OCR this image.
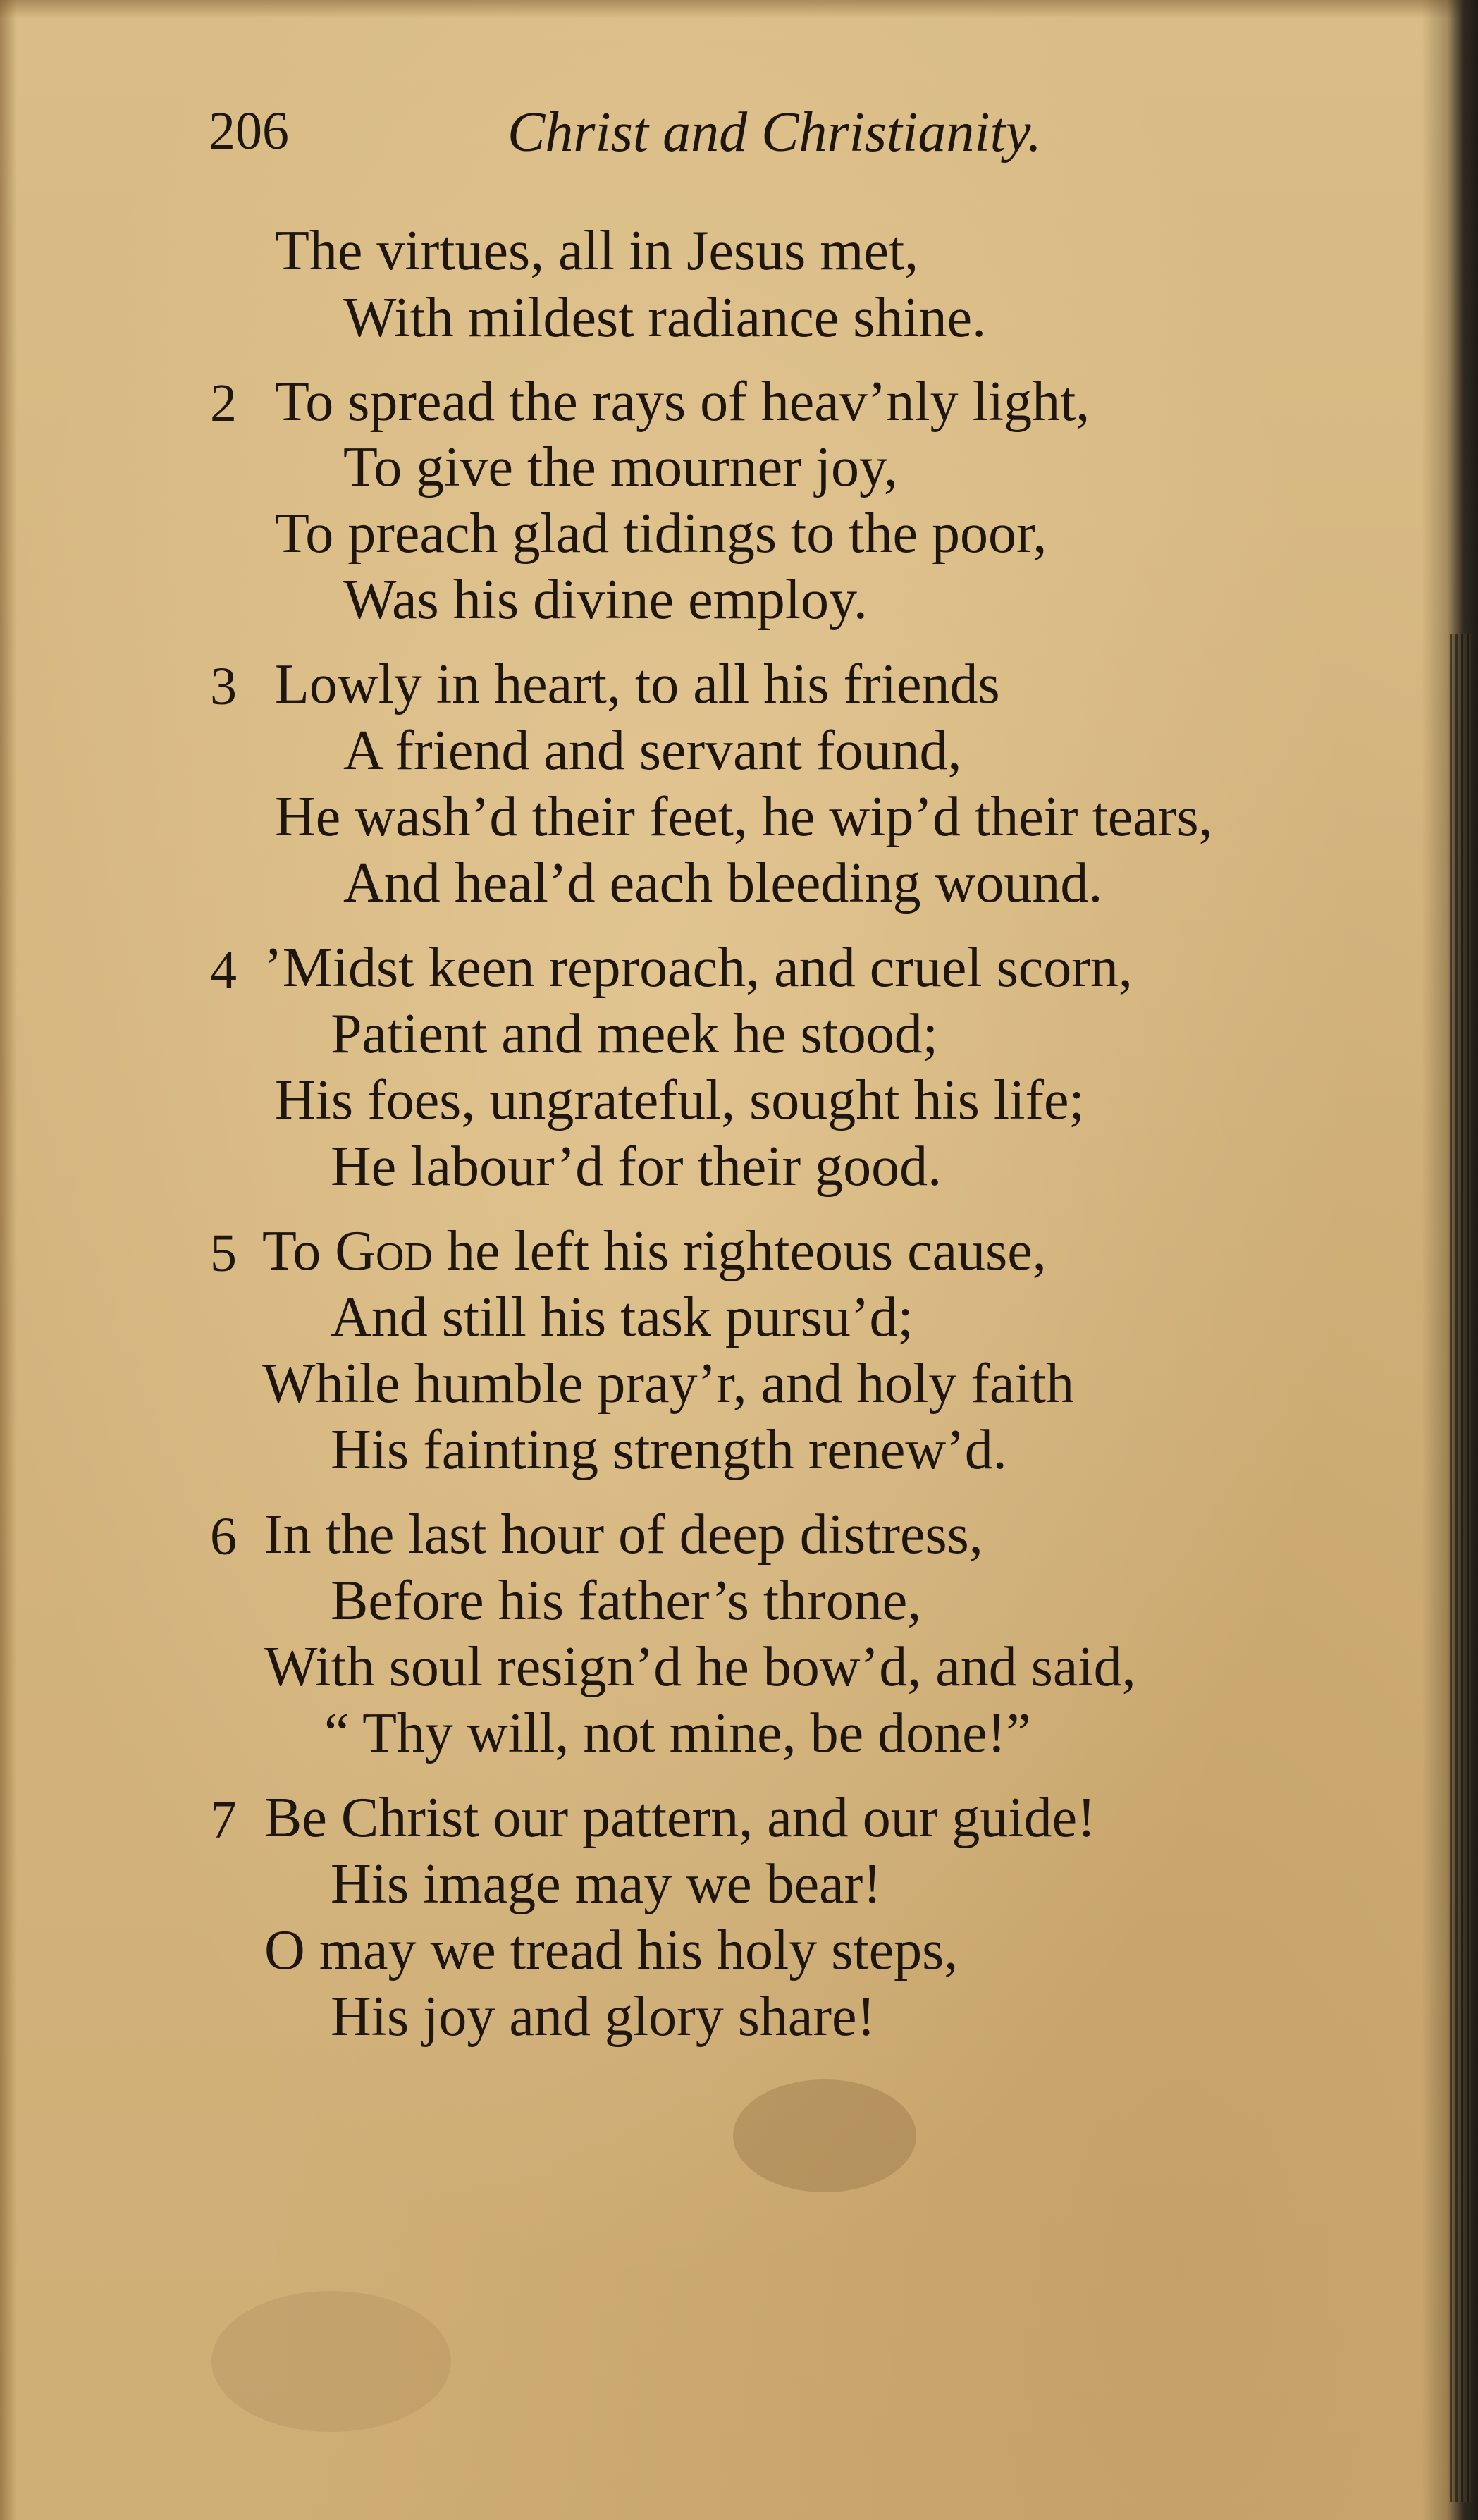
206	Christ and Christianity.
The virtues, all in Jesus met,
With mildest radiance shine.
2 To spread the rays of heav’nly light,
To give the mourner joy,
To preach glad tidings to the poor,
Was his divine employ.
3 Lowly in heart, to all his friends
A friend and servant found,
He wash’d their feet, he wip’d their tears,
And heal’d each bleeding wound.
4 ’Midst keen reproach, and cruel scorn,
Patient and meek he stood;
His foes, ungrateful, sought his life;
He labour’d for their good.
5 To God he left his righteous cause,
And still his task pursu’d;
While humble pray’r, and holy faith
His fainting strength renew’d.
6 In the last hour of deep distress,
Before his father’s throne,
With soul resign’d he bow’d, and said,
“ Thy will, not mine, be done!”
7 Be Christ our pattern, and our guide!
His image may we bear!
O may we tread his holy steps,
His joy and glory share!
